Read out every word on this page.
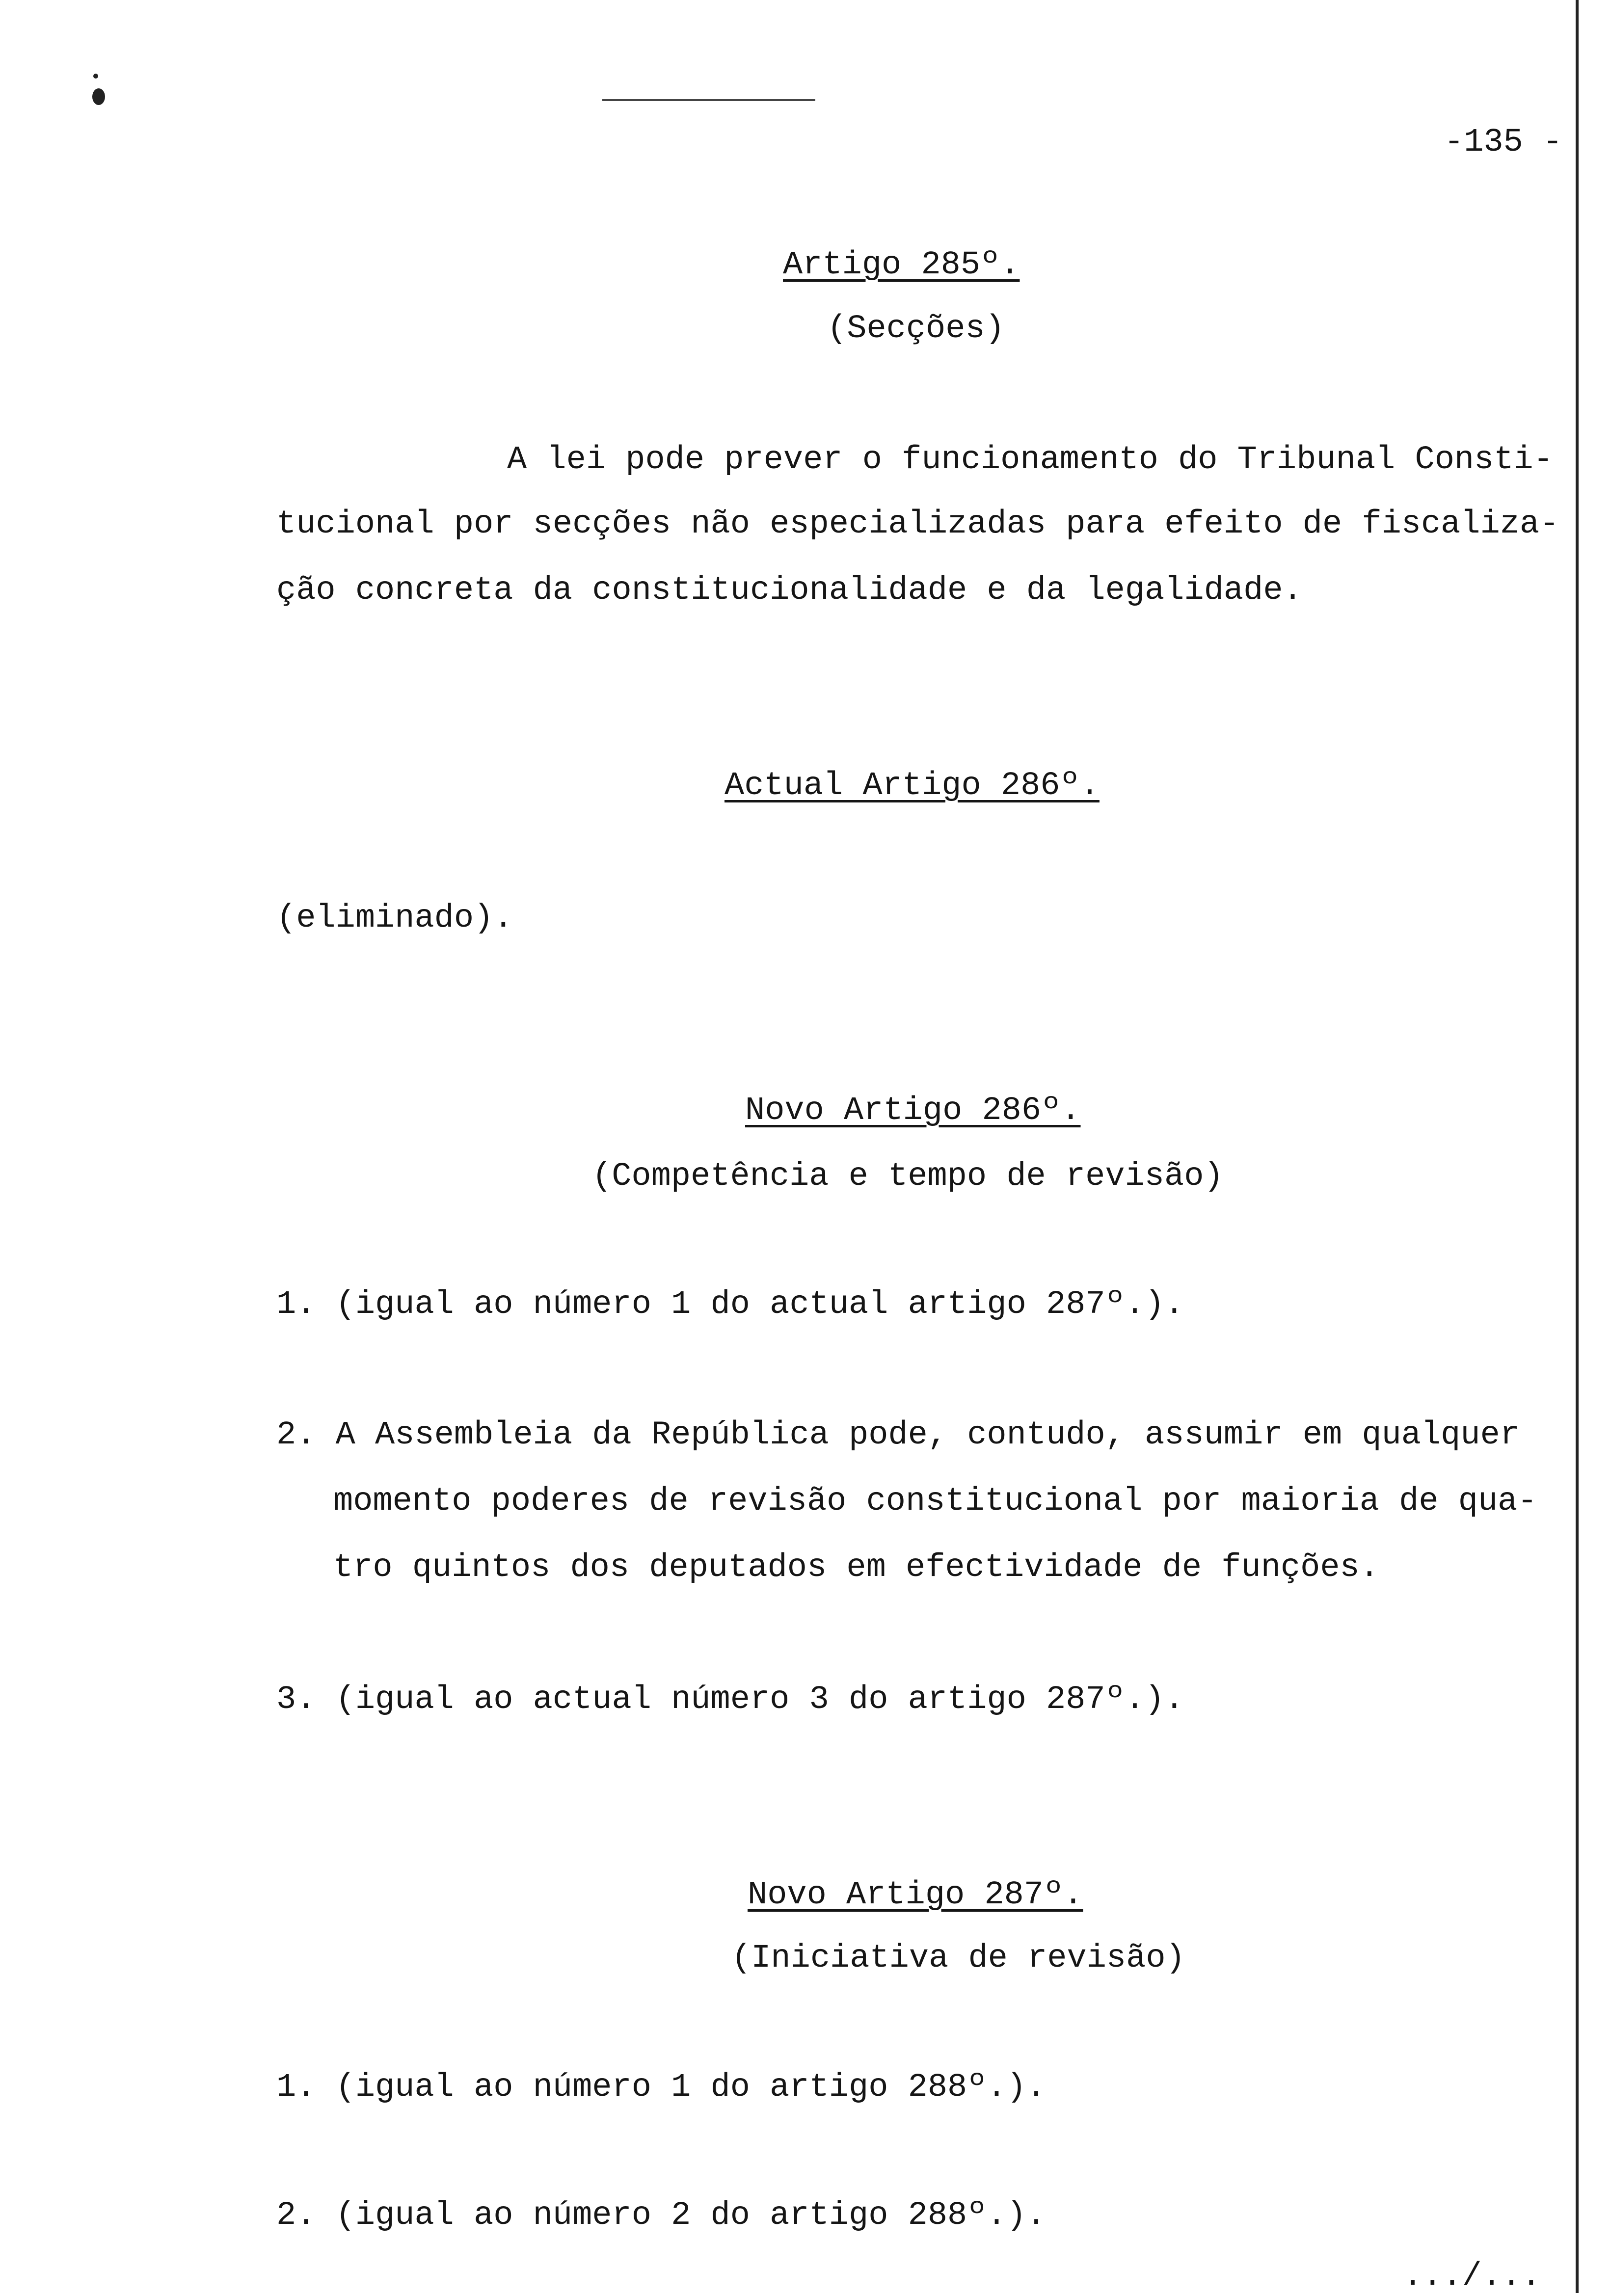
-135 -
Artigo 285º.
(Secções)
A lei pode prever o funcionamento do Tribunal Consti-
tucional por secções não especializadas para efeito de fiscaliza-
ção concreta da constitucionalidade e da legalidade.
Actual Artigo 286º.
(eliminado).
Novo Artigo 286º.
(Competência e tempo de revisão)
1. (igual ao número 1 do actual artigo 287º.).
2. A Assembleia da República pode, contudo, assumir em qualquer
momento poderes de revisão constitucional por maioria de qua-
tro quintos dos deputados em efectividade de funções.
3. (igual ao actual número 3 do artigo 287º.).
Novo Artigo 287º.
(Iniciativa de revisão)
1. (igual ao número 1 do artigo 288º.).
2. (igual ao número 2 do artigo 288º.).
.../...
